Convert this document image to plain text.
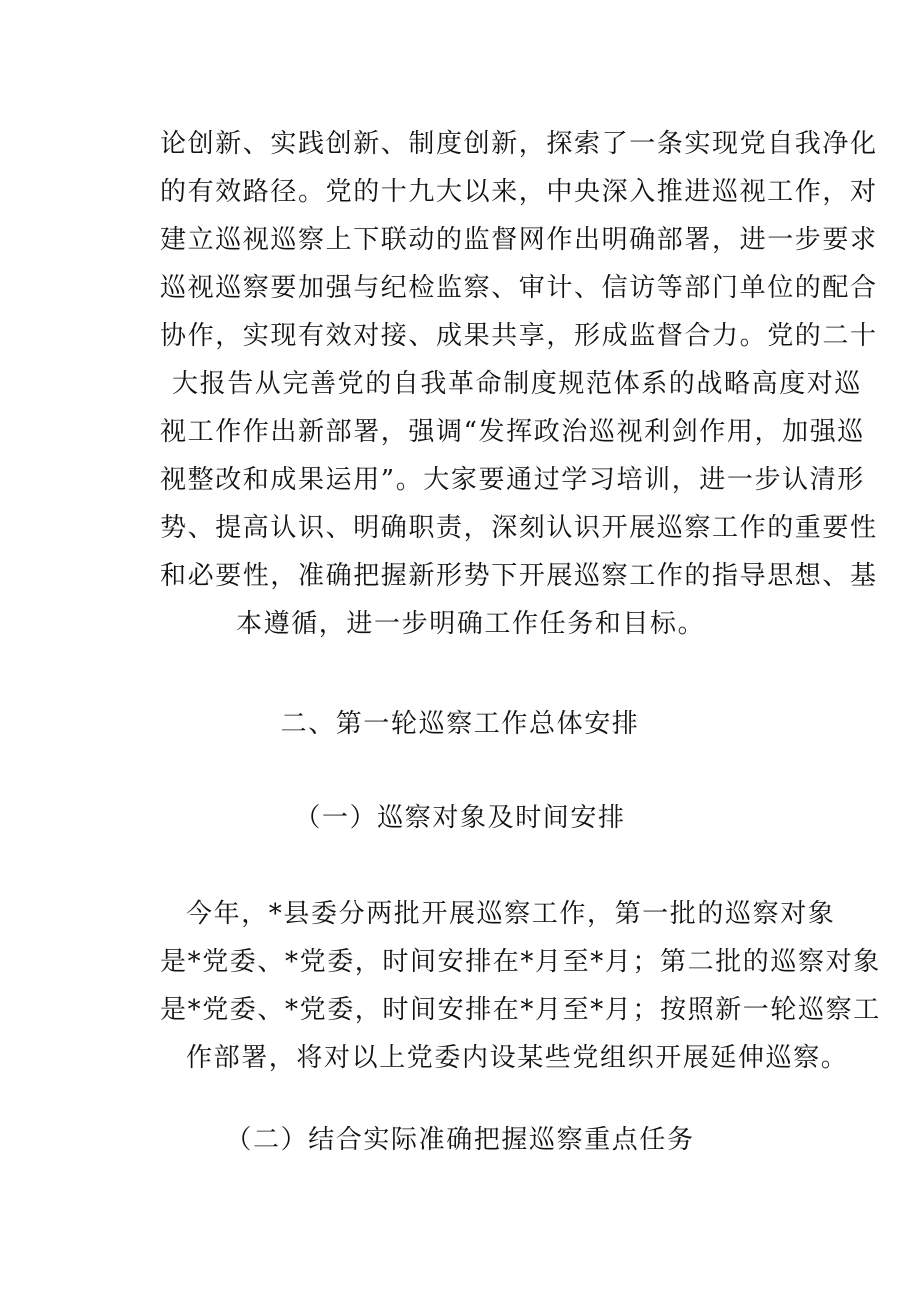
论创新、实践创新、制度创新，探索了一条实现党自我净化
的有效路径。党的十九大以来，中央深入推进巡视工作，对
建立巡视巡察上下联动的监督网作出明确部署，进一步要求
巡视巡察要加强与纪检监察、审计、信访等部门单位的配合
协作，实现有效对接、成果共享，形成监督合力。党的二十
大报告从完善党的自我革命制度规范体系的战略高度对巡
视工作作出新部署，强调“发挥政治巡视利剑作用，加强巡
视整改和成果运用”。大家要通过学习培训，进一步认清形
势、提高认识、明确职责，深刻认识开展巡察工作的重要性
和必要性，准确把握新形势下开展巡察工作的指导思想、基
本遵循，进一步明确工作任务和目标。
二、第一轮巡察工作总体安排
（一）巡察对象及时间安排
今年，*县委分两批开展巡察工作，第一批的巡察对象
是*党委、*党委，时间安排在*月至*月；第二批的巡察对象
是*党委、*党委，时间安排在*月至*月；按照新一轮巡察工
作部署，将对以上党委内设某些党组织开展延伸巡察。
（二）结合实际准确把握巡察重点任务
